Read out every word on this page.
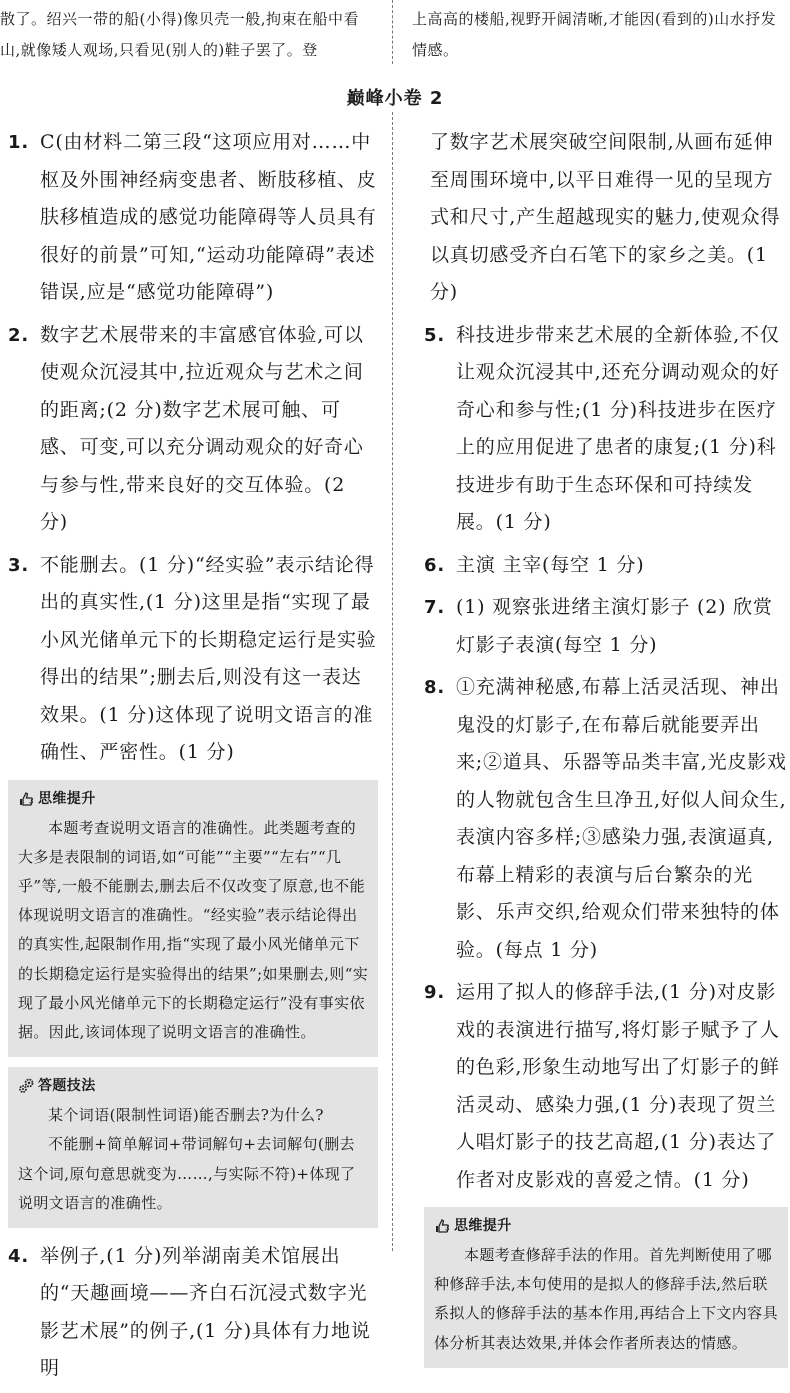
散了。绍兴一带的船(小得)像贝壳一般,拘束在船中看山,就像矮人观场,只看见(别人的)鞋子罢了。登
上高高的楼船,视野开阔清晰,才能因(看到的)山水抒发情感。
巅峰小卷 2
1. C(由材料二第三段“这项应用对……中枢及外围神经病变患者、断肢移植、皮肤移植造成的感觉功能障碍等人员具有很好的前景”可知,“运动功能障碍”表述错误,应是“感觉功能障碍”)
2. 数字艺术展带来的丰富感官体验,可以使观众沉浸其中,拉近观众与艺术之间的距离;(2 分)数字艺术展可触、可感、可变,可以充分调动观众的好奇心与参与性,带来良好的交互体验。(2 分)
3. 不能删去。(1 分)“经实验”表示结论得出的真实性,(1 分)这里是指“实现了最小风光储单元下的长期稳定运行是实验得出的结果”;删去后,则没有这一表达效果。(1 分)这体现了说明文语言的准确性、严密性。(1 分)
思维提升
本题考查说明文语言的准确性。此类题考查的大多是表限制的词语,如“可能”“主要”“左右”“几乎”等,一般不能删去,删去后不仅改变了原意,也不能体现说明文语言的准确性。“经实验”表示结论得出的真实性,起限制作用,指“实现了最小风光储单元下的长期稳定运行是实验得出的结果”;如果删去,则“实现了最小风光储单元下的长期稳定运行”没有事实依据。因此,该词体现了说明文语言的准确性。
答题技法
某个词语(限制性词语)能否删去?为什么?
不能删+简单解词+带词解句+去词解句(删去这个词,原句意思就变为……,与实际不符)+体现了说明文语言的准确性。
4. 举例子,(1 分)列举湖南美术馆展出的“天趣画境——齐白石沉浸式数字光影艺术展”的例子,(1 分)具体有力地说明
了数字艺术展突破空间限制,从画布延伸至周围环境中,以平日难得一见的呈现方式和尺寸,产生超越现实的魅力,使观众得以真切感受齐白石笔下的家乡之美。(1 分)
5. 科技进步带来艺术展的全新体验,不仅让观众沉浸其中,还充分调动观众的好奇心和参与性;(1 分)科技进步在医疗上的应用促进了患者的康复;(1 分)科技进步有助于生态环保和可持续发展。(1 分)
6. 主演 主宰(每空 1 分)
7. (1) 观察张进绪主演灯影子 (2) 欣赏灯影子表演(每空 1 分)
8. ①充满神秘感,布幕上活灵活现、神出鬼没的灯影子,在布幕后就能要弄出来;②道具、乐器等品类丰富,光皮影戏的人物就包含生旦净丑,好似人间众生,表演内容多样;③感染力强,表演逼真,布幕上精彩的表演与后台繁杂的光影、乐声交织,给观众们带来独特的体验。(每点 1 分)
9. 运用了拟人的修辞手法,(1 分)对皮影戏的表演进行描写,将灯影子赋予了人的色彩,形象生动地写出了灯影子的鲜活灵动、感染力强,(1 分)表现了贺兰人唱灯影子的技艺高超,(1 分)表达了作者对皮影戏的喜爱之情。(1 分)
思维提升
本题考查修辞手法的作用。首先判断使用了哪种修辞手法,本句使用的是拟人的修辞手法,然后联系拟人的修辞手法的基本作用,再结合上下文内容具体分析其表达效果,并体会作者所表达的情感。
